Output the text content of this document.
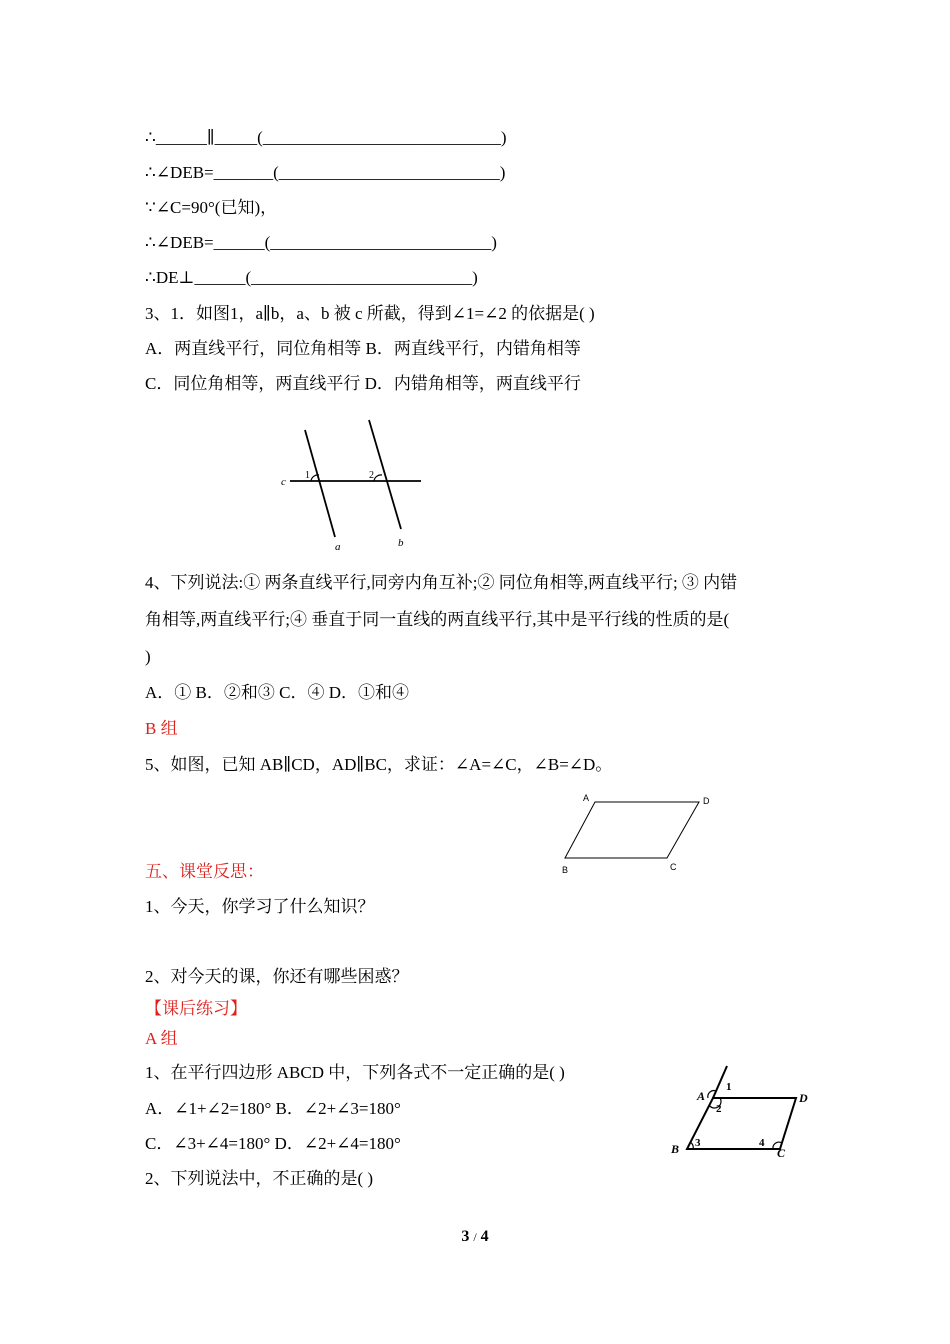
∴______∥_____(____________________________)
∴∠DEB=_______(__________________________)
∵∠C=90°(已知)，
∴∠DEB=______(__________________________)
∴DE⊥______(__________________________)
3、1．如图1，a∥b，a、b 被 c 所截，得到∠1=∠2 的依据是( )
A．两直线平行，同位角相等 B．两直线平行，内错角相等
C．同位角相等，两直线平行 D．内错角相等，两直线平行
c
1	2
a	b
4、下列说法:① 两条直线平行,同旁内角互补;② 同位角相等,两直线平行; ③ 内错
角相等,两直线平行;④ 垂直于同一直线的两直线平行,其中是平行线的性质的是(
)
A．① B．②和③ C．④ D．①和④
B 组
5、如图，已知 AB∥CD，AD∥BC，求证：∠A=∠C，∠B=∠D。
A	D
B	C
五、课堂反思：
1、今天，你学习了什么知识？
2、对今天的课，你还有哪些困惑？
【课后练习】
A 组
1、在平行四边形 ABCD 中，下列各式不一定正确的是( )
A．∠1+∠2=180° B．∠2+∠3=180°
C．∠3+∠4=180° D．∠2+∠4=180°
2、下列说法中，不正确的是( )
A
1
2
D
B 3	4
C
3 / 4
